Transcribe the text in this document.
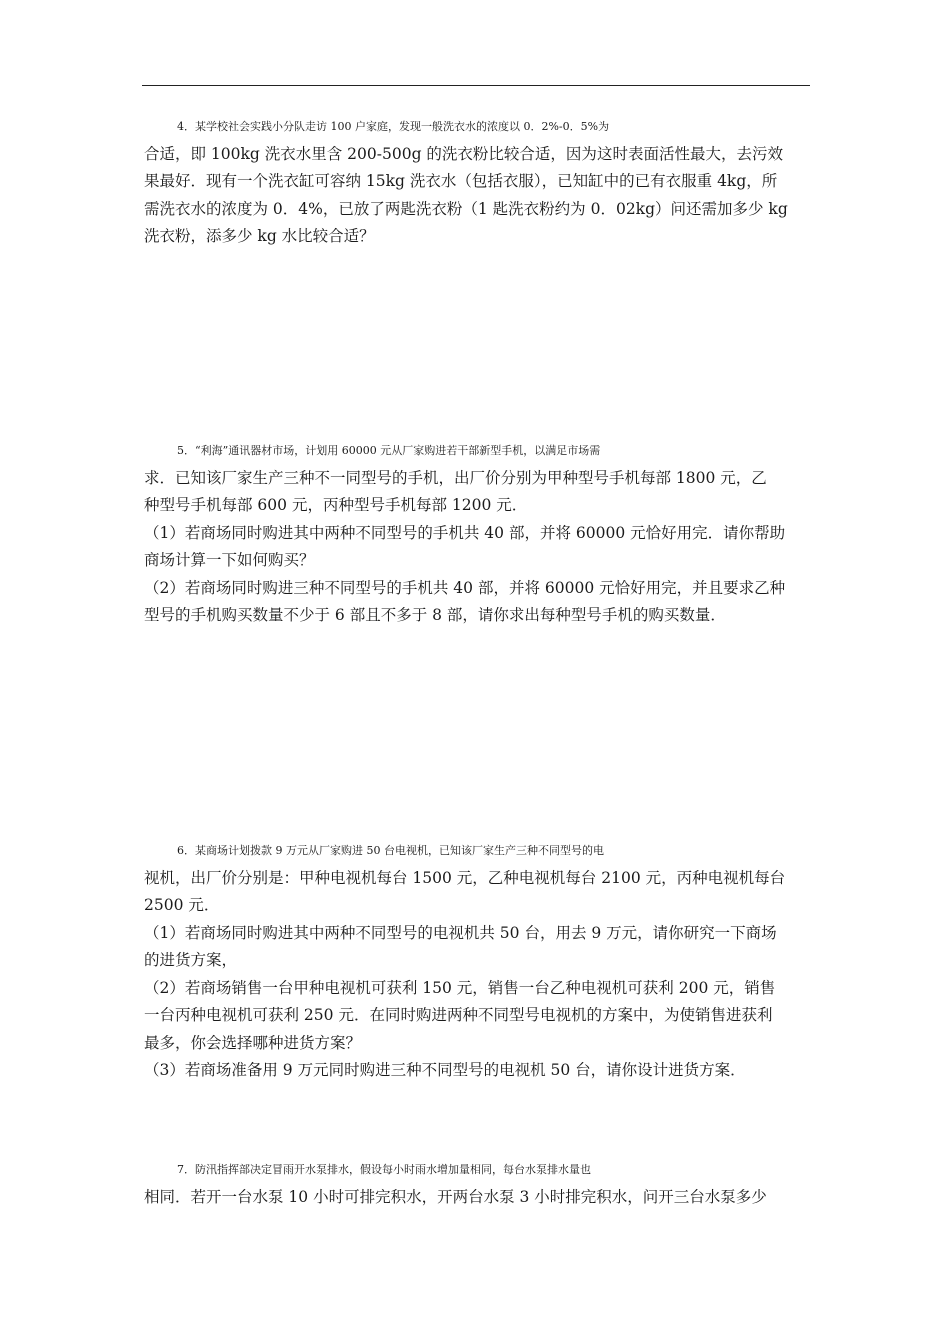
4．某学校社会实践小分队走访 100 户家庭，发现一般洗衣水的浓度以 0．2%-0．5%为
合适，即 100kg 洗衣水里含 200-500g 的洗衣粉比较合适，因为这时表面活性最大，去污效
果最好．现有一个洗衣缸可容纳 15kg 洗衣水（包括衣服），已知缸中的已有衣服重 4kg，所
需洗衣水的浓度为 0．4%，已放了两匙洗衣粉（1 匙洗衣粉约为 0．02kg）问还需加多少 kg
洗衣粉，添多少 kg 水比较合适？
5．“利海”通讯器材市场，计划用 60000 元从厂家购进若干部新型手机，以满足市场需
求．已知该厂家生产三种不一同型号的手机，出厂价分别为甲种型号手机每部 1800 元，乙
种型号手机每部 600 元，丙种型号手机每部 1200 元．
（1）若商场同时购进其中两种不同型号的手机共 40 部，并将 60000 元恰好用完．请你帮助
商场计算一下如何购买？
（2）若商场同时购进三种不同型号的手机共 40 部，并将 60000 元恰好用完，并且要求乙种
型号的手机购买数量不少于 6 部且不多于 8 部，请你求出每种型号手机的购买数量．
6．某商场计划拨款 9 万元从厂家购进 50 台电视机，已知该厂家生产三种不同型号的电
视机，出厂价分别是：甲种电视机每台 1500 元，乙种电视机每台 2100 元，丙种电视机每台
2500 元．
（1）若商场同时购进其中两种不同型号的电视机共 50 台，用去 9 万元，请你研究一下商场
的进货方案，
（2）若商场销售一台甲种电视机可获利 150 元，销售一台乙种电视机可获利 200 元，销售
一台丙种电视机可获利 250 元．在同时购进两种不同型号电视机的方案中，为使销售进获利
最多，你会选择哪种进货方案？
（3）若商场准备用 9 万元同时购进三种不同型号的电视机 50 台，请你设计进货方案．
7．防汛指挥部决定冒雨开水泵排水，假设每小时雨水增加量相同，每台水泵排水量也
相同．若开一台水泵 10 小时可排完积水，开两台水泵 3 小时排完积水，问开三台水泵多少
